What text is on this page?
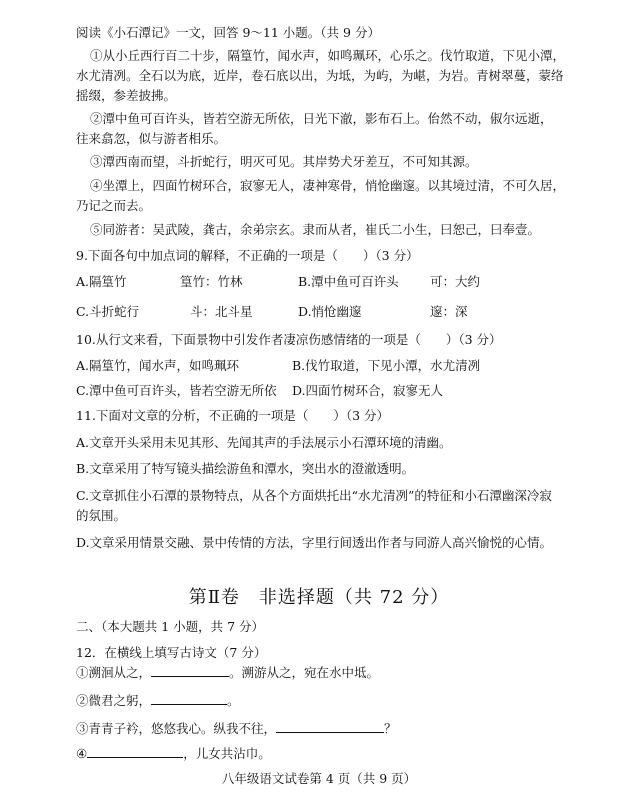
阅读《小石潭记》一文，回答 9～11 小题。（共 9 分）
①从小丘西行百二十步，隔篁竹，闻水声，如鸣珮环，心乐之。伐竹取道，下见小潭，
水尤清冽。全石以为底，近岸，卷石底以出，为坻，为屿，为嵁，为岩。青树翠蔓，蒙络
摇缀，参差披拂。
②潭中鱼可百许头，皆若空游无所依，日光下澈，影布石上。佁然不动，俶尔远逝，
往来翕忽，似与游者相乐。
③潭西南而望，斗折蛇行，明灭可见。其岸势犬牙差互，不可知其源。
④坐潭上，四面竹树环合，寂寥无人，凄神寒骨，悄怆幽邃。以其境过清，不可久居，
乃记之而去。
⑤同游者：吴武陵，龚古，余弟宗玄。隶而从者，崔氏二小生，曰恕己，曰奉壹。
9.下面各句中加点词的解释，不正确的一项是（　　）（3 分）
A.隔篁竹	篁竹：竹林	B.潭中鱼可百许头	可：大约
C.斗折蛇行	斗：北斗星	D.悄怆幽邃	邃：深
10.从行文来看，下面景物中引发作者凄凉伤感情绪的一项是（　　）（3 分）
A.隔篁竹，闻水声，如鸣珮环	B.伐竹取道，下见小潭，水尤清冽
C.潭中鱼可百许头，皆若空游无所依 D.四面竹树环合，寂寥无人
11.下面对文章的分析，不正确的一项是（　　）（3 分）
A.文章开头采用未见其形、先闻其声的手法展示小石潭环境的清幽。
B.文章采用了特写镜头描绘游鱼和潭水，突出水的澄澈透明。
C.文章抓住小石潭的景物特点，从各个方面烘托出“水尤清冽”的特征和小石潭幽深冷寂
的氛围。
D.文章采用情景交融、景中传情的方法，字里行间透出作者与同游人高兴愉悦的心情。
第Ⅱ卷　非选择题（共 72 分）
二、（本大题共 1 小题，共 7 分）
12．在横线上填写古诗文（7 分）
①溯洄从之，	。溯游从之，宛在水中坻。
②微君之躬，	。
③青青子衿，悠悠我心。纵我不往，	？
④	，儿女共沾巾。
八年级语文试卷第 4 页（共 9 页）
